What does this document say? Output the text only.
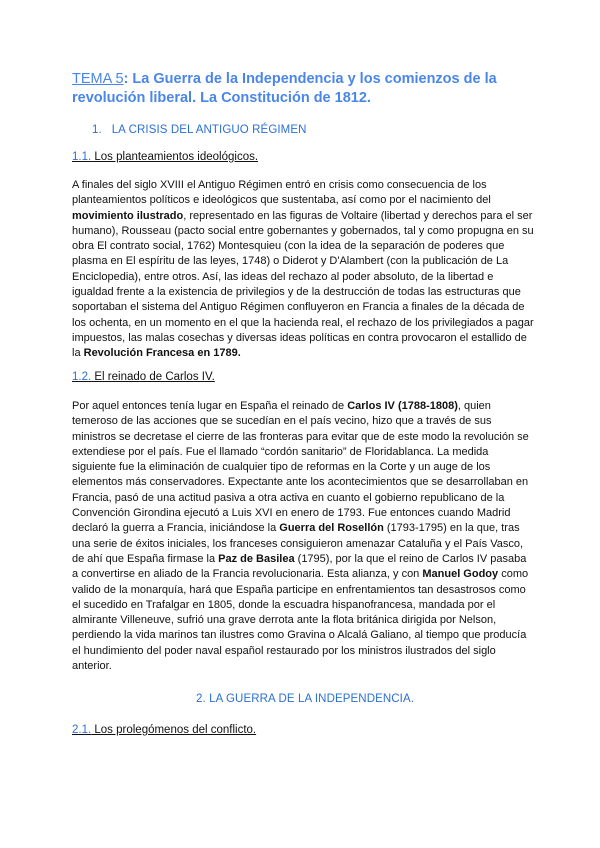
TEMA 5: La Guerra de la Independencia y los comienzos de la revolución liberal. La Constitución de 1812.
1. LA CRISIS DEL ANTIGUO RÉGIMEN
1.1. Los planteamientos ideológicos.
A finales del siglo XVIII el Antiguo Régimen entró en crisis como consecuencia de los planteamientos políticos e ideológicos que sustentaba, así como por el nacimiento del movimiento ilustrado, representado en las figuras de Voltaire (libertad y derechos para el ser humano), Rousseau (pacto social entre gobernantes y gobernados, tal y como propugna en su obra El contrato social, 1762) Montesquieu (con la idea de la separación de poderes que plasma en El espíritu de las leyes, 1748) o Diderot y D'Alambert (con la publicación de La Enciclopedia), entre otros. Así, las ideas del rechazo al poder absoluto, de la libertad e igualdad frente a la existencia de privilegios y de la destrucción de todas las estructuras que soportaban el sistema del Antiguo Régimen confluyeron en Francia a finales de la década de los ochenta, en un momento en el que la hacienda real, el rechazo de los privilegiados a pagar impuestos, las malas cosechas y diversas ideas políticas en contra provocaron el estallido de la Revolución Francesa en 1789.
1.2. El reinado de Carlos IV.
Por aquel entonces tenía lugar en España el reinado de Carlos IV (1788-1808), quien temeroso de las acciones que se sucedían en el país vecino, hizo que a través de sus ministros se decretase el cierre de las fronteras para evitar que de este modo la revolución se extendiese por el país. Fue el llamado “cordón sanitario” de Floridablanca. La medida siguiente fue la eliminación de cualquier tipo de reformas en la Corte y un auge de los elementos más conservadores. Expectante ante los acontecimientos que se desarrollaban en Francia, pasó de una actitud pasiva a otra activa en cuanto el gobierno republicano de la Convención Girondina ejecutó a Luis XVI en enero de 1793. Fue entonces cuando Madrid declaró la guerra a Francia, iniciándose la Guerra del Rosellón (1793-1795) en la que, tras una serie de éxitos iniciales, los franceses consiguieron amenazar Cataluña y el País Vasco, de ahí que España firmase la Paz de Basilea (1795), por la que el reino de Carlos IV pasaba a convertirse en aliado de la Francia revolucionaria. Esta alianza, y con Manuel Godoy como valido de la monarquía, hará que España participe en enfrentamientos tan desastrosos como el sucedido en Trafalgar en 1805, donde la escuadra hispanofrancesa, mandada por el almirante Villeneuve, sufrió una grave derrota ante la flota británica dirigida por Nelson, perdiendo la vida marinos tan ilustres como Gravina o Alcalá Galiano, al tiempo que producía el hundimiento del poder naval español restaurado por los ministros ilustrados del siglo anterior.
2. LA GUERRA DE LA INDEPENDENCIA.
2.1. Los prolegómenos del conflicto.
